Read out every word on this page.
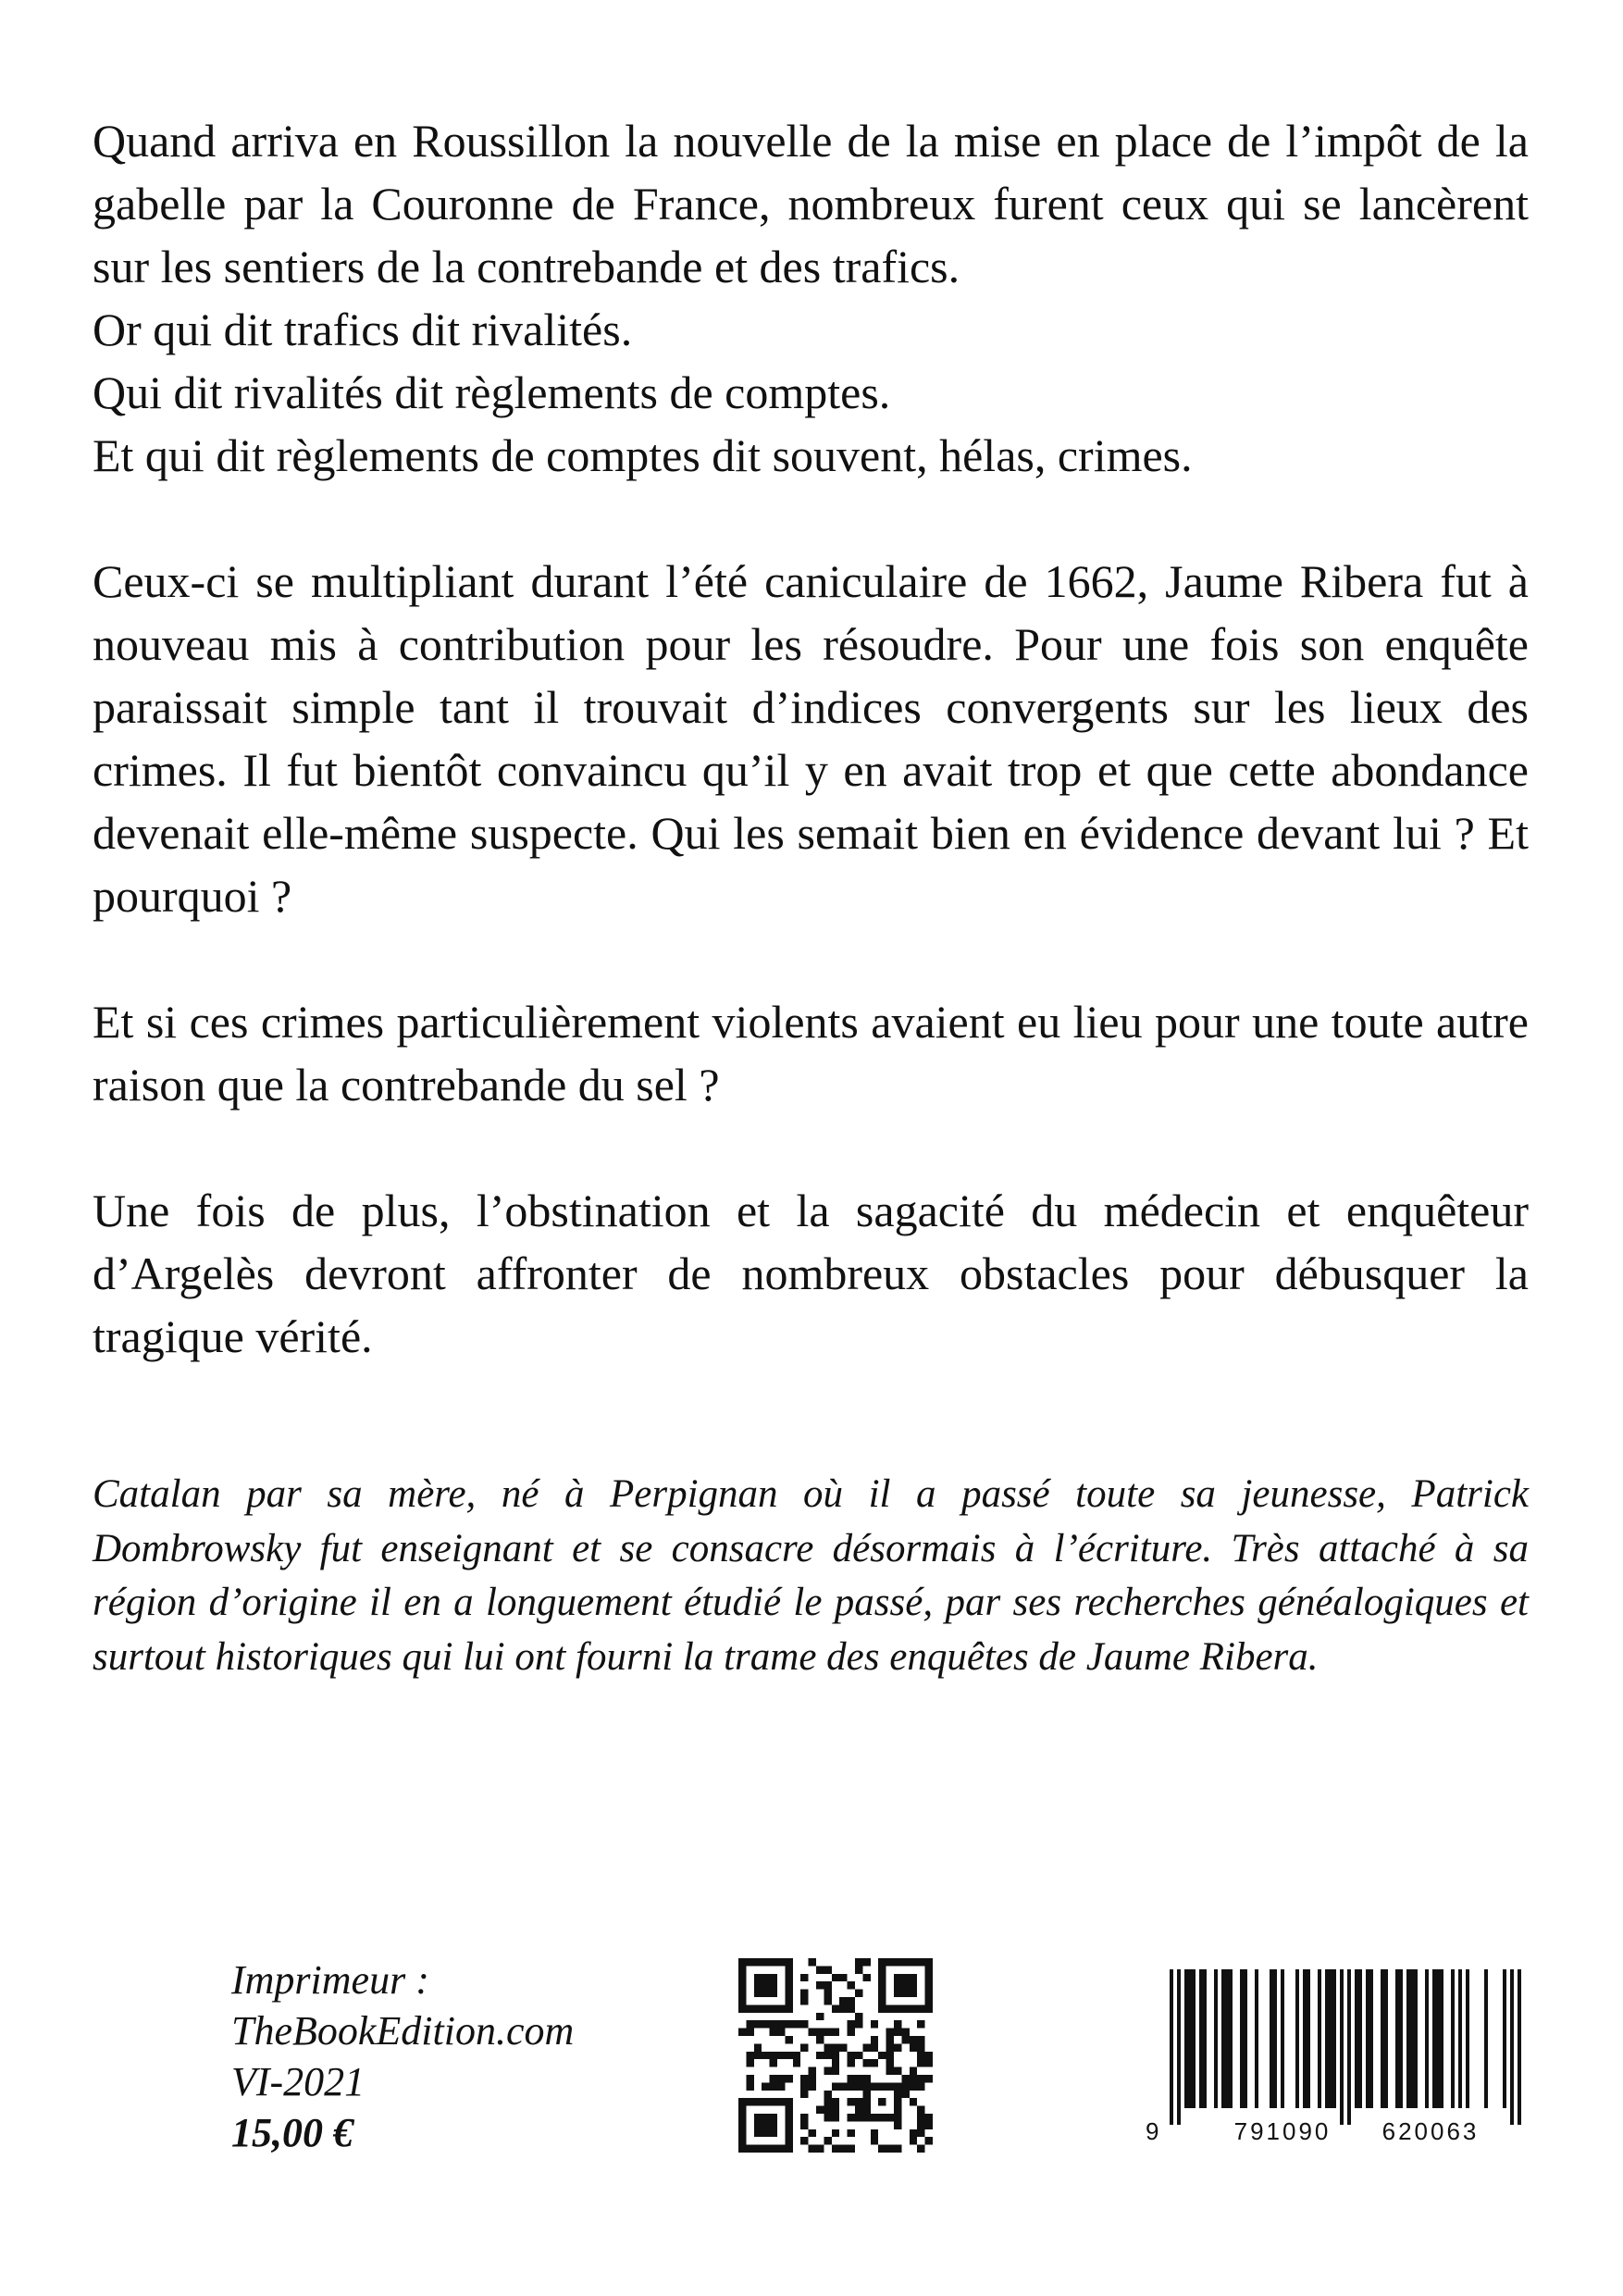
Quand arriva en Roussillon la nouvelle de la mise en place de l’impôt de la gabelle par la Couronne de France, nombreux furent ceux qui se lancèrent sur les sentiers de la contrebande et des trafics.
Or qui dit trafics dit rivalités.
Qui dit rivalités dit règlements de comptes.
Et qui dit règlements de comptes dit souvent, hélas, crimes.

Ceux-ci se multipliant durant l’été caniculaire de 1662, Jaume Ribera fut à nouveau mis à contribution pour les résoudre. Pour une fois son enquête paraissait simple tant il trouvait d’indices convergents sur les lieux des crimes. Il fut bientôt convaincu qu’il y en avait trop et que cette abondance devenait elle-même suspecte. Qui les semait bien en évidence devant lui ? Et pourquoi ?

Et si ces crimes particulièrement violents avaient eu lieu pour une toute autre raison que la contrebande du sel ?

Une fois de plus, l’obstination et la sagacité du médecin et enquêteur d’Argelès devront affronter de nombreux obstacles pour débusquer la tragique vérité.

Catalan par sa mère, né à Perpignan où il a passé toute sa jeunesse, Patrick Dombrowsky fut enseignant et se consacre désormais à l’écriture. Très attaché à sa région d’origine il en a longuement étudié le passé, par ses recherches généalogiques et surtout historiques qui lui ont fourni la trame des enquêtes de Jaume Ribera.

Imprimeur :
TheBookEdition.com
VI-2021
15,00 €	9	791090 620063
